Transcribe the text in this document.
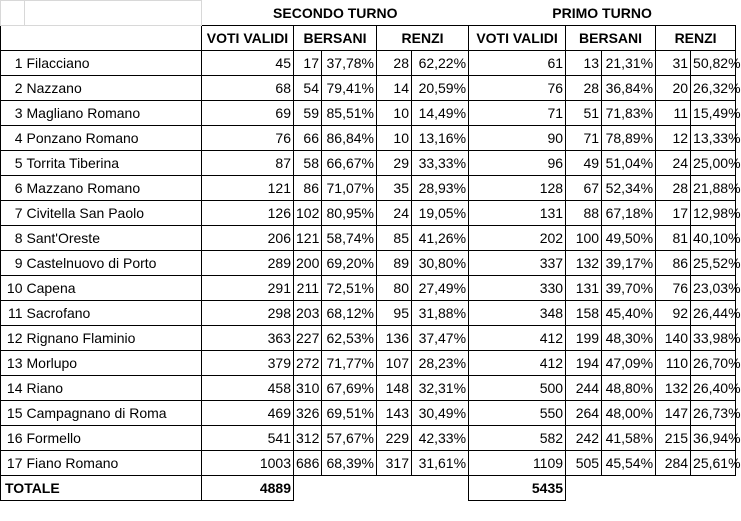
		SECONDO TURNO					PRIMO TURNO				
		VOTI VALIDI	BERSANI		RENZI		VOTI VALIDI	BERSANI		RENZI	
1	Filacciano	45	17	37,78%	28	62,22%	61	13	21,31%	31	50,82%
2	Nazzano	68	54	79,41%	14	20,59%	76	28	36,84%	20	26,32%
3	Magliano Romano	69	59	85,51%	10	14,49%	71	51	71,83%	11	15,49%
4	Ponzano Romano	76	66	86,84%	10	13,16%	90	71	78,89%	12	13,33%
5	Torrita Tiberina	87	58	66,67%	29	33,33%	96	49	51,04%	24	25,00%
6	Mazzano Romano	121	86	71,07%	35	28,93%	128	67	52,34%	28	21,88%
7	Civitella San Paolo	126	102	80,95%	24	19,05%	131	88	67,18%	17	12,98%
8	Sant'Oreste	206	121	58,74%	85	41,26%	202	100	49,50%	81	40,10%
9	Castelnuovo di Porto	289	200	69,20%	89	30,80%	337	132	39,17%	86	25,52%
10	Capena	291	211	72,51%	80	27,49%	330	131	39,70%	76	23,03%
11	Sacrofano	298	203	68,12%	95	31,88%	348	158	45,40%	92	26,44%
12	Rignano Flaminio	363	227	62,53%	136	37,47%	412	199	48,30%	140	33,98%
13	Morlupo	379	272	71,77%	107	28,23%	412	194	47,09%	110	26,70%
14	Riano	458	310	67,69%	148	32,31%	500	244	48,80%	132	26,40%
15	Campagnano di Roma	469	326	69,51%	143	30,49%	550	264	48,00%	147	26,73%
16	Formello	541	312	57,67%	229	42,33%	582	242	41,58%	215	36,94%
17	Fiano Romano	1003	686	68,39%	317	31,61%	1109	505	45,54%	284	25,61%
TOTALE		4889					5435				
